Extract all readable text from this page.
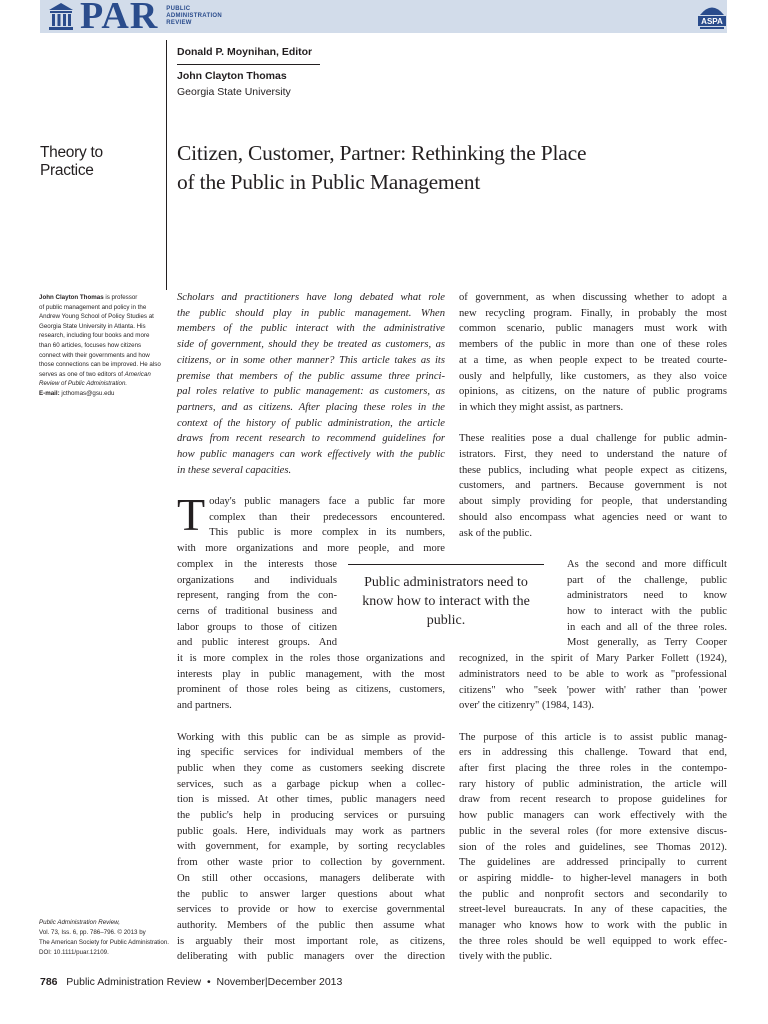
PAR PUBLIC
ADMINISTRATION
REVIEW	ASPA
Donald P. Moynihan, Editor
John Clayton Thomas
Georgia State University
Theory to Practice
Citizen, Customer, Partner: Rethinking the Place
of the Public in Public Management
John Clayton Thomas is professor
of public management and policy in the
Andrew Young School of Policy Studies at
Georgia State University in Atlanta. His
research, including four books and more
than 60 articles, focuses how citizens
connect with their governments and how
those connections can be improved. He also
serves as one of two editors of American Review of Public Administration.
E-mail: jcthomas@gsu.edu
Public Administration Review,
Vol. 73, Iss. 6, pp. 786–796. © 2013 by
The American Society for Public Administration.
DOI: 10.1111/puar.12109.
Scholars and practitioners have long debated what role
the public should play in public management. When
members of the public interact with the administrative
side of government, should they be treated as customers, as
citizens, or in some other manner? This article takes as its
premise that members of the public assume three princi-
pal roles relative to public management: as customers, as
partners, and as citizens. After placing these roles in the
context of the history of public administration, the article
draws from recent research to recommend guidelines for
how public managers can work effectively with the public
in these several capacities.
T oday's public managers face a public far more
complex than their predecessors encountered.
This public is more complex in its numbers,
with more organizations and more people, and more
complex in the interests those
organizations and individuals
represent, ranging from the con-
cerns of traditional business and
labor groups to those of citizen
and public interest groups. And
it is more complex in the roles those organizations and
interests play in public management, with the most
prominent of those roles being as citizens, customers,
and partners.
Working with this public can be as simple as provid-
ing specific services for individual members of the
public when they come as customers seeking discrete
services, such as a garbage pickup when a collec-
tion is missed. At other times, public managers need
the public's help in producing services or pursuing
public goals. Here, individuals may work as partners
with government, for example, by sorting recyclables
from other waste prior to collection by government.
On still other occasions, managers deliberate with
the public to answer larger questions about what
services to provide or how to exercise governmental
authority. Members of the public then assume what
is arguably their most important role, as citizens,
deliberating with public managers over the direction
Public administrators need to know how to interact with the public.
of government, as when discussing whether to adopt a
new recycling program. Finally, in probably the most
common scenario, public managers must work with
members of the public in more than one of these roles
at a time, as when people expect to be treated courte-
ously and helpfully, like customers, as they also voice
opinions, as citizens, on the nature of public programs
in which they might assist, as partners.
These realities pose a dual challenge for public admin-
istrators. First, they need to understand the nature of
these publics, including what people expect as citizens,
customers, and partners. Because government is not
about simply providing for people, that understanding
should also encompass what agencies need or want to
ask of the public.
As the second and more difficult
part of the challenge, public
administrators need to know
how to interact with the public
in each and all of the three roles.
Most generally, as Terry Cooper
recognized, in the spirit of Mary Parker Follett (1924),
administrators need to be able to work as "professional
citizens" who "seek 'power with' rather than 'power
over' the citizenry" (1984, 143).
The purpose of this article is to assist public manag-
ers in addressing this challenge. Toward that end,
after first placing the three roles in the contempo-
rary history of public administration, the article will
draw from recent research to propose guidelines for
how public managers can work effectively with the
public in the several roles (for more extensive discus-
sion of the roles and guidelines, see Thomas 2012).
The guidelines are addressed principally to current
or aspiring middle- to higher-level managers in both
the public and nonprofit sectors and secondarily to
street-level bureaucrats. In any of these capacities, the
manager who knows how to work with the public in
the three roles should be well equipped to work effec-
tively with the public.
786 Public Administration Review • November|December 2013
